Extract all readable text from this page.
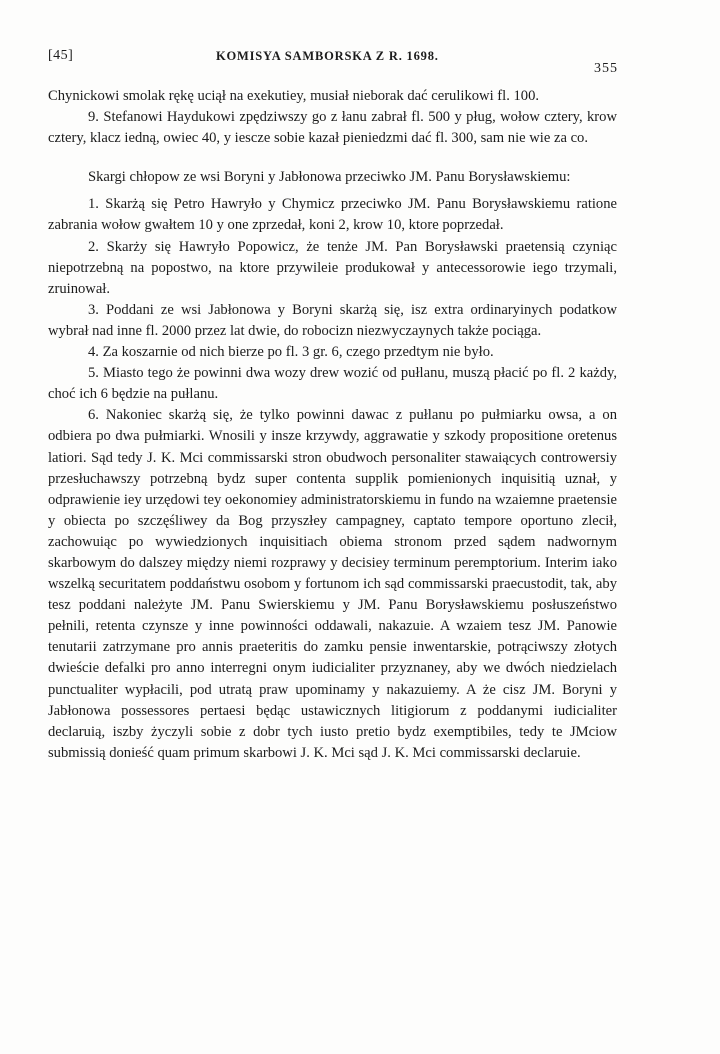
[45]	KOMISYA SAMBORSKA Z R. 1698.
355

Chynickowi smolak rękę uciął na exekutiey, musiał nieborak dać cerulikowi fl. 100.

9. Stefanowi Haydukowi zpędziwszy go z łanu zabrał fl. 500 y pług, wołow cztery, krow cztery, klacz iedną, owiec 40, y iescze sobie kazał pieniedzmi dać fl. 300, sam nie wie za co.

Skargi chłopow ze wsi Boryni y Jabłonowa przeciwko JM. Panu Borysławskiemu:

1. Skarżą się Petro Hawryło y Chymicz przeciwko JM. Panu Borysławskiemu ratione zabrania wołow gwałtem 10 y one zprzedał, koni 2, krow 10, ktore poprzedał.

2. Skarży się Hawryło Popowicz, że tenże JM. Pan Borysławski praetensią czyniąc niepotrzebną na popostwo, na ktore przywileie produkował y antecessorowie iego trzymali, zruinował.

3. Poddani ze wsi Jabłonowa y Boryni skarżą się, isz extra ordinaryinych podatkow wybrał nad inne fl. 2000 przez lat dwie, do robocizn niezwyczaynych także pociąga.

4. Za koszarnie od nich bierze po fl. 3 gr. 6, czego przedtym nie było.

5. Miasto tego że powinni dwa wozy drew wozić od pułlanu, muszą płacić po fl. 2 każdy, choć ich 6 będzie na pułlanu.

6. Nakoniec skarżą się, że tylko powinni dawac z pułlanu po pułmiarku owsa, a on odbiera po dwa pułmiarki. Wnosili y insze krzywdy, aggrawatie y szkody propositione oretenus latiori. Sąd tedy J. K. Mci commissarski stron obudwoch personaliter stawaiących controwersiy przesłuchawszy potrzebną bydz super contenta supplik pomienionych inquisitią uznał, y odprawienie iey urzędowi tey oekonomiey administratorskiemu in fundo na wzaiemne praetensie y obiecta po szczęśliwey da Bog przyszłey campagney, captato tempore oportuno zlecił, zachowuiąc po wywiedzionych inquisitiach obiema stronom przed sądem nadwornym skarbowym do dalszey między niemi rozprawy y decisiey terminum peremptorium. Interim iako wszelką securitatem poddaństwu osobom y fortunom ich sąd commissarski praecustodit, tak, aby tesz poddani należyte JM. Panu Swierskiemu y JM. Panu Borysławskiemu posłuszeństwo pełnili, retenta czynsze y inne powinności oddawali, nakazuie. A wzaiem tesz JM. Panowie tenutarii zatrzymane pro annis praeteritis do zamku pensie inwentarskie, potrąciwszy złotych dwieście defalki pro anno interregni onym iudicialiter przyznaney, aby we dwóch niedzielach punctualiter wypłacili, pod utratą praw upominamy y nakazuiemy. A że cisz JM. Boryni y Jabłonowa possessores pertaesi będąc ustawicznych litigiorum z poddanymi iudicialiter declaruią, iszby życzyli sobie z dobr tych iusto pretio bydz exemptibiles, tedy te JMciow submissią donieść quam primum skarbowi J. K. Mci sąd J. K. Mci commissarski declaruie.
